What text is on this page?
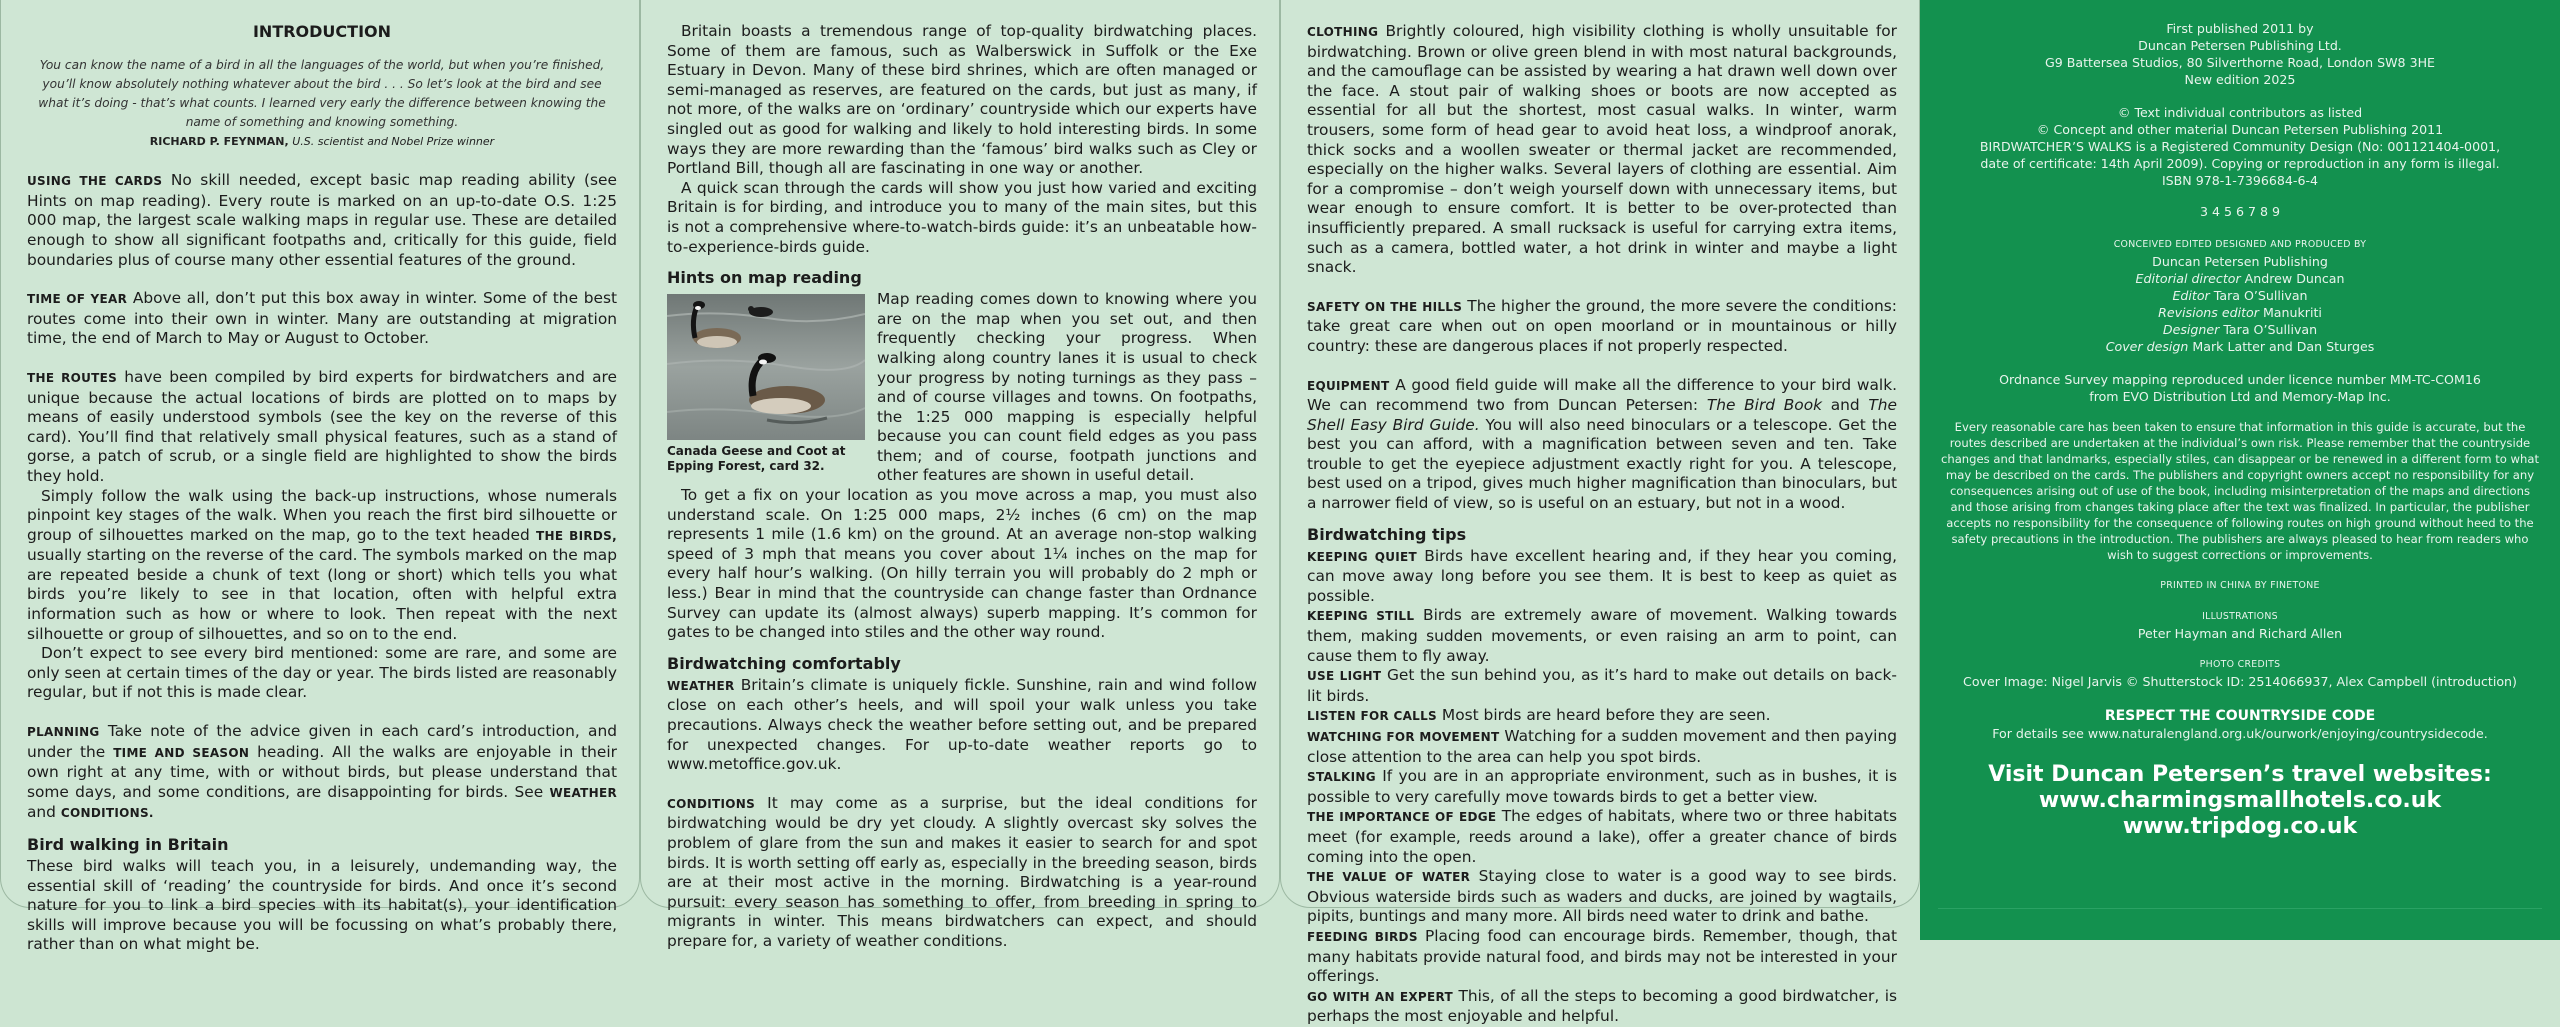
INTRODUCTION
You can know the name of a bird in all the languages of the world, but when you’re finished, you’ll know absolutely nothing whatever about the bird . . . So let’s look at the bird and see what it’s doing - that’s what counts. I learned very early the difference between knowing the name of something and knowing something.
RICHARD P. FEYNMAN, U.S. scientist and Nobel Prize winner

USING THE CARDS No skill needed, except basic map reading ability (see Hints on map reading). Every route is marked on an up-to-date O.S. 1:25 000 map, the largest scale walking maps in regular use. These are detailed enough to show all significant footpaths and, critically for this guide, field boundaries plus of course many other essential features of the ground.

TIME OF YEAR Above all, don’t put this box away in winter. Some of the best routes come into their own in winter. Many are outstanding at migration time, the end of March to May or August to October.

THE ROUTES have been compiled by bird experts for birdwatchers and are unique because the actual locations of birds are plotted on to maps by means of easily understood symbols (see the key on the reverse of this card). You’ll find that relatively small physical features, such as a stand of gorse, a patch of scrub, or a single field are highlighted to show the birds they hold.

Simply follow the walk using the back-up instructions, whose numerals pinpoint key stages of the walk. When you reach the first bird silhouette or group of silhouettes marked on the map, go to the text headed THE BIRDS, usually starting on the reverse of the card. The symbols marked on the map are repeated beside a chunk of text (long or short) which tells you what birds you’re likely to see in that location, often with helpful extra information such as how or where to look. Then repeat with the next silhouette or group of silhouettes, and so on to the end.

Don’t expect to see every bird mentioned: some are rare, and some are only seen at certain times of the day or year. The birds listed are reasonably regular, but if not this is made clear.

PLANNING Take note of the advice given in each card’s introduction, and under the TIME AND SEASON heading. All the walks are enjoyable in their own right at any time, with or without birds, but please understand that some days, and some conditions, are disappointing for birds. See WEATHER and CONDITIONS.

Bird walking in Britain

These bird walks will teach you, in a leisurely, undemanding way, the essential skill of ‘reading’ the countryside for birds. And once it’s second nature for you to link a bird species with its habitat(s), your identification skills will improve because you will be focussing on what’s probably there, rather than on what might be.

Britain boasts a tremendous range of top-quality birdwatching places. Some of them are famous, such as Walberswick in Suffolk or the Exe Estuary in Devon. Many of these bird shrines, which are often managed or semi-managed as reserves, are featured on the cards, but just as many, if not more, of the walks are on ‘ordinary’ countryside which our experts have singled out as good for walking and likely to hold interesting birds. In some ways they are more rewarding than the ‘famous’ bird walks such as Cley or Portland Bill, though all are fascinating in one way or another.

A quick scan through the cards will show you just how varied and exciting Britain is for birding, and introduce you to many of the main sites, but this is not a comprehensive where-to-watch-birds guide: it’s an unbeatable how-to-experience-birds guide.

Hints on map reading
Canada Geese and Coot at Epping Forest, card 32.

Map reading comes down to knowing where you are on the map when you set out, and then frequently checking your progress. When walking along country lanes it is usual to check your progress by noting turnings as they pass – and of course villages and towns. On footpaths, the 1:25 000 mapping is especially helpful because you can count field edges as you pass them; and of course, footpath junctions and other features are shown in useful detail.

To get a fix on your location as you move across a map, you must also understand scale. On 1:25 000 maps, 2½ inches (6 cm) on the map represents 1 mile (1.6 km) on the ground. At an average non-stop walking speed of 3 mph that means you cover about 1¼ inches on the map for every half hour’s walking. (On hilly terrain you will probably do 2 mph or less.) Bear in mind that the countryside can change faster than Ordnance Survey can update its (almost always) superb mapping. It’s common for gates to be changed into stiles and the other way round.

Birdwatching comfortably

WEATHER Britain’s climate is uniquely fickle. Sunshine, rain and wind follow close on each other’s heels, and will spoil your walk unless you take precautions. Always check the weather before setting out, and be prepared for unexpected changes. For up-to-date weather reports go to www.metoffice.gov.uk.

CONDITIONS It may come as a surprise, but the ideal conditions for birdwatching would be dry yet cloudy. A slightly overcast sky solves the problem of glare from the sun and makes it easier to search for and spot birds. It is worth setting off early as, especially in the breeding season, birds are at their most active in the morning. Birdwatching is a year-round pursuit: every season has something to offer, from breeding in spring to migrants in winter. This means birdwatchers can expect, and should prepare for, a variety of weather conditions.

CLOTHING Brightly coloured, high visibility clothing is wholly unsuitable for birdwatching. Brown or olive green blend in with most natural backgrounds, and the camouflage can be assisted by wearing a hat drawn well down over the face. A stout pair of walking shoes or boots are now accepted as essential for all but the shortest, most casual walks. In winter, warm trousers, some form of head gear to avoid heat loss, a windproof anorak, thick socks and a woollen sweater or thermal jacket are recommended, especially on the higher walks. Several layers of clothing are essential. Aim for a compromise – don’t weigh yourself down with unnecessary items, but wear enough to ensure comfort. It is better to be over-protected than insufficiently prepared. A small rucksack is useful for carrying extra items, such as a camera, bottled water, a hot drink in winter and maybe a light snack.

SAFETY ON THE HILLS The higher the ground, the more severe the conditions: take great care when out on open moorland or in mountainous or hilly country: these are dangerous places if not properly respected.

EQUIPMENT A good field guide will make all the difference to your bird walk. We can recommend two from Duncan Petersen: The Bird Book and The Shell Easy Bird Guide. You will also need binoculars or a telescope. Get the best you can afford, with a magnification between seven and ten. Take trouble to get the eyepiece adjustment exactly right for you. A telescope, best used on a tripod, gives much higher magnification than binoculars, but a narrower field of view, so is useful on an estuary, but not in a wood.

Birdwatching tips

KEEPING QUIET Birds have excellent hearing and, if they hear you coming, can move away long before you see them. It is best to keep as quiet as possible.

KEEPING STILL Birds are extremely aware of movement. Walking towards them, making sudden movements, or even raising an arm to point, can cause them to fly away.

USE LIGHT Get the sun behind you, as it’s hard to make out details on back-lit birds.

LISTEN FOR CALLS Most birds are heard before they are seen.

WATCHING FOR MOVEMENT Watching for a sudden movement and then paying close attention to the area can help you spot birds.

STALKING If you are in an appropriate environment, such as in bushes, it is possible to very carefully move towards birds to get a better view.

THE IMPORTANCE OF EDGE The edges of habitats, where two or three habitats meet (for example, reeds around a lake), offer a greater chance of birds coming into the open.

THE VALUE OF WATER Staying close to water is a good way to see birds. Obvious waterside birds such as waders and ducks, are joined by wagtails, pipits, buntings and many more. All birds need water to drink and bathe.

FEEDING BIRDS Placing food can encourage birds. Remember, though, that many habitats provide natural food, and birds may not be interested in your offerings.

GO WITH AN EXPERT This, of all the steps to becoming a good birdwatcher, is perhaps the most enjoyable and helpful.

First published 2011 by

Duncan Petersen Publishing Ltd.

G9 Battersea Studios, 80 Silverthorne Road, London SW8 3HE

New edition 2025

© Text individual contributors as listed

© Concept and other material Duncan Petersen Publishing 2011

BIRDWATCHER’S WALKS is a Registered Community Design (No: 001121404-0001,

date of certificate: 14th April 2009). Copying or reproduction in any form is illegal.

ISBN 978-1-7396684-6-4

3 4 5 6 7 8 9

CONCEIVED EDITED DESIGNED AND PRODUCED BY

Duncan Petersen Publishing

Editorial director Andrew Duncan

Editor Tara O’Sullivan

Revisions editor Manukriti

Designer Tara O’Sullivan

Cover design Mark Latter and Dan Sturges

Ordnance Survey mapping reproduced under licence number MM-TC-COM16

from EVO Distribution Ltd and Memory-Map Inc.

Every reasonable care has been taken to ensure that information in this guide is accurate, but the routes described are undertaken at the individual’s own risk. Please remember that the countryside changes and that landmarks, especially stiles, can disappear or be renewed in a different form to what may be described on the cards. The publishers and copyright owners accept no responsibility for any consequences arising out of use of the book, including misinterpretation of the maps and directions and those arising from changes taking place after the text was finalized. In particular, the publisher accepts no responsibility for the consequence of following routes on high ground without heed to the safety precautions in the introduction. The publishers are always pleased to hear from readers who wish to suggest corrections or improvements.

PRINTED IN CHINA BY FINETONE

ILLUSTRATIONS

Peter Hayman and Richard Allen

PHOTO CREDITS

Cover Image: Nigel Jarvis © Shutterstock ID: 2514066937, Alex Campbell (introduction)

RESPECT THE COUNTRYSIDE CODE

For details see www.naturalengland.org.uk/ourwork/enjoying/countrysidecode.

Visit Duncan Petersen’s travel websites:

www.charmingsmallhotels.co.uk

www.tripdog.co.uk
